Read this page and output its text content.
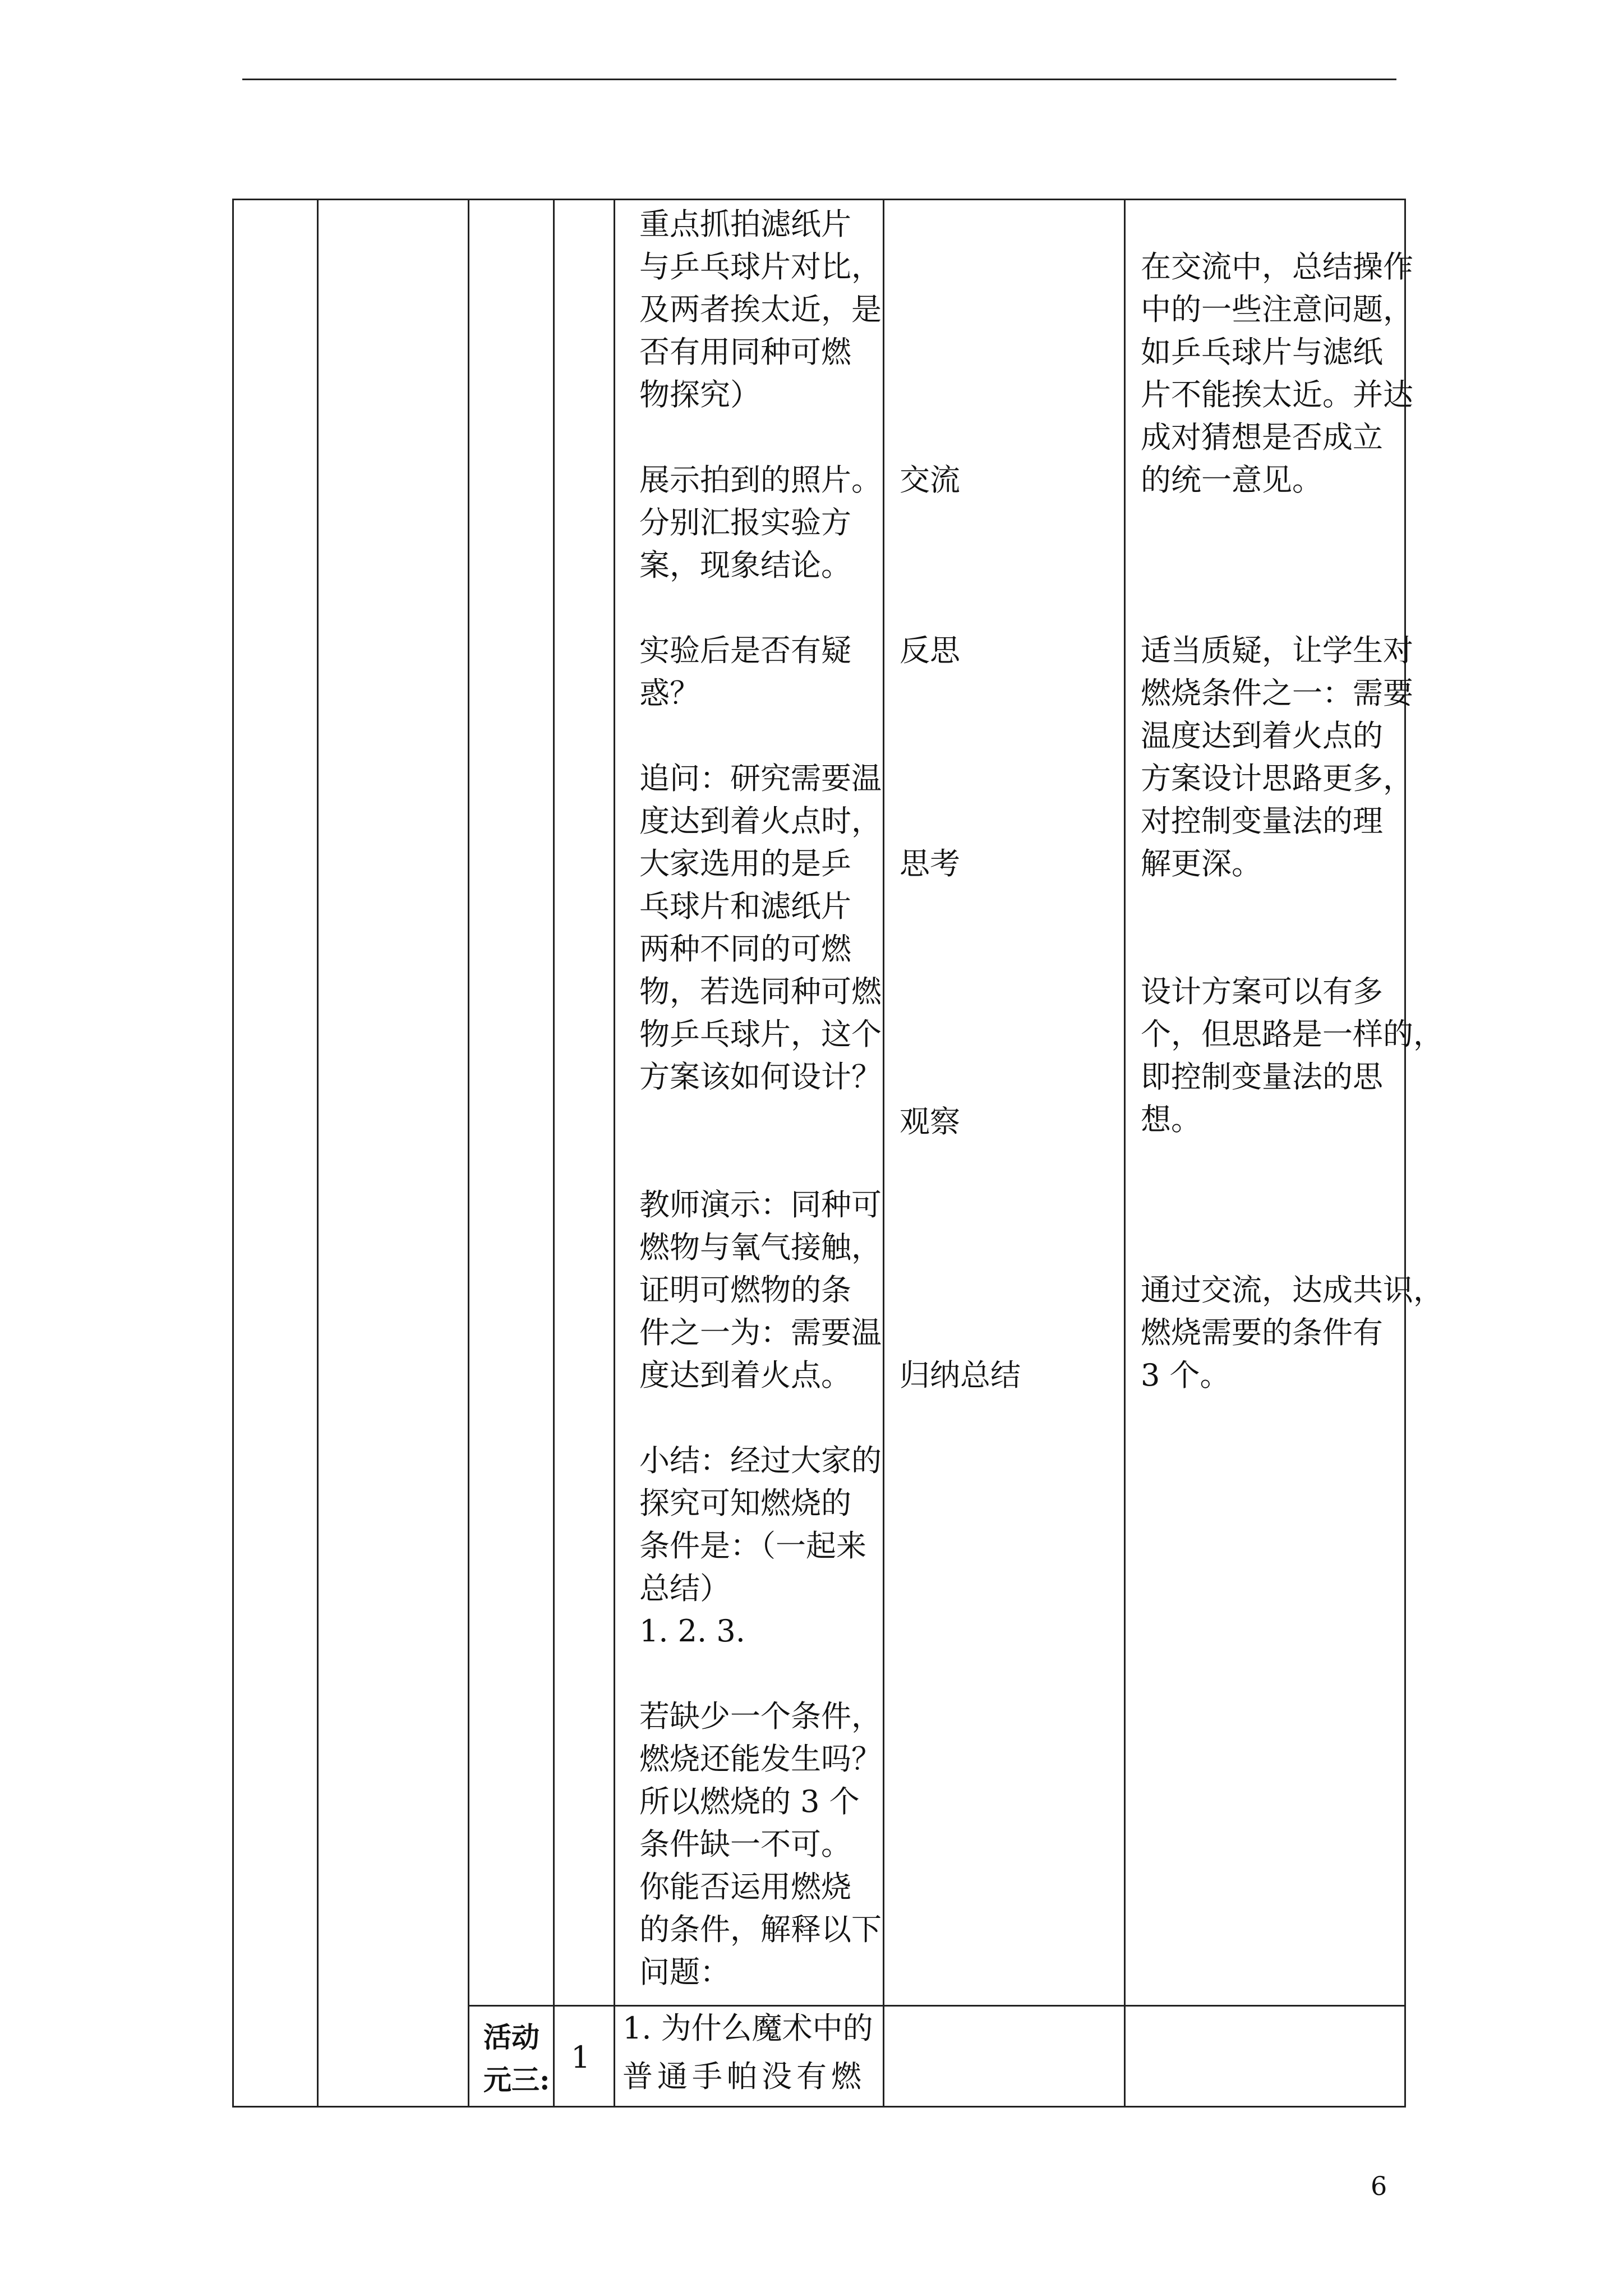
重点抓拍滤纸片
与乒乓球片对比，
及两者挨太近，是
否有用同种可燃
物探究）
展示拍到的照片。
分别汇报实验方
案，现象结论。
实验后是否有疑
惑？
追问：研究需要温
度达到着火点时，
大家选用的是乒
乓球片和滤纸片
两种不同的可燃
物，若选同种可燃
物乒乓球片，这个
方案该如何设计？
教师演示：同种可
燃物与氧气接触，
证明可燃物的条
件之一为：需要温
度达到着火点。
小结：经过大家的
探究可知燃烧的
条件是：（一起来
总结）
1. 2. 3.
若缺少一个条件，
燃烧还能发生吗？
所以燃烧的 3 个
条件缺一不可。
你能否运用燃烧
的条件，解释以下
问题：
交流
反思
思考
观察
归纳总结
在交流中，总结操作
中的一些注意问题，
如乒乓球片与滤纸
片不能挨太近。并达
成对猜想是否成立
的统一意见。
适当质疑，让学生对
燃烧条件之一：需要
温度达到着火点的
方案设计思路更多，
对控制变量法的理
解更深。
设计方案可以有多
个，但思路是一样的，
即控制变量法的思
想。
通过交流，达成共识，
燃烧需要的条件有
3 个。
活动
元三:
1
1. 为什么魔术中的
普通手帕没有燃
6
